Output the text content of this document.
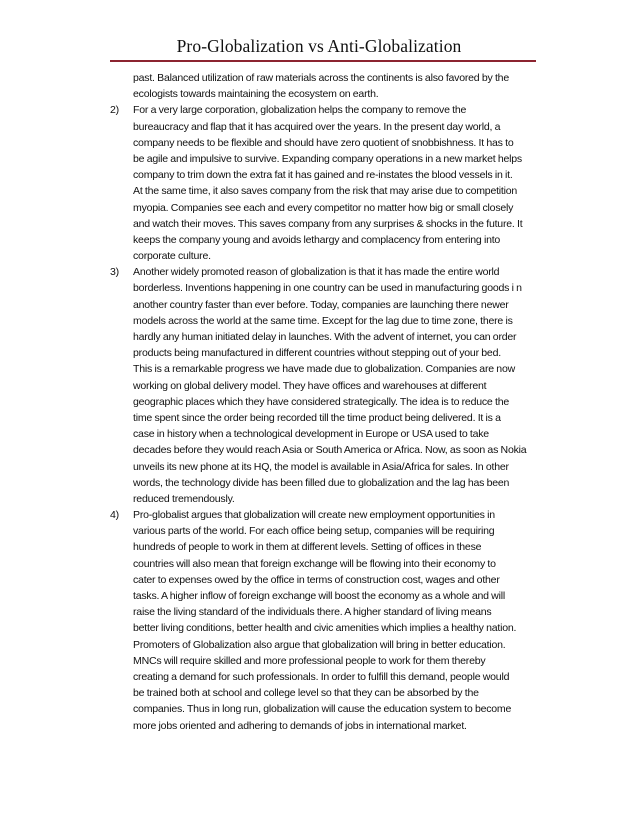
Pro-Globalization vs Anti-Globalization
past. Balanced utilization of raw materials across the continents is also favored by the
ecologists towards maintaining the ecosystem on earth.
2) For a very large corporation, globalization helps the company to remove the
bureaucracy and flap that it has acquired over the years. In the present day world, a
company needs to be flexible and should have zero quotient of snobbishness. It has to
be agile and impulsive to survive. Expanding company operations in a new market helps
company to trim down the extra fat it has gained and re-instates the blood vessels in it.
At the same time, it also saves company from the risk that may arise due to competition
myopia. Companies see each and every competitor no matter how big or small closely
and watch their moves. This saves company from any surprises & shocks in the future. It
keeps the company young and avoids lethargy and complacency from entering into
corporate culture.
3) Another widely promoted reason of globalization is that it has made the entire world
borderless. Inventions happening in one country can be used in manufacturing goods i n
another country faster than ever before. Today, companies are launching there newer
models across the world at the same time. Except for the lag due to time zone, there is
hardly any human initiated delay in launches. With the advent of internet, you can order
products being manufactured in different countries without stepping out of your bed.
This is a remarkable progress we have made due to globalization. Companies are now
working on global delivery model. They have offices and warehouses at different
geographic places which they have considered strategically. The idea is to reduce the
time spent since the order being recorded till the time product being delivered. It is a
case in history when a technological development in Europe or USA used to take
decades before they would reach Asia or South America or Africa. Now, as soon as Nokia
unveils its new phone at its HQ, the model is available in Asia/Africa for sales. In other
words, the technology divide has been filled due to globalization and the lag has been
reduced tremendously.
4) Pro-globalist argues that globalization will create new employment opportunities in
various parts of the world. For each office being setup, companies will be requiring
hundreds of people to work in them at different levels. Setting of offices in these
countries will also mean that foreign exchange will be flowing into their economy to
cater to expenses owed by the office in terms of construction cost, wages and other
tasks. A higher inflow of foreign exchange will boost the economy as a whole and will
raise the living standard of the individuals there. A higher standard of living means
better living conditions, better health and civic amenities which implies a healthy nation.
Promoters of Globalization also argue that globalization will bring in better education.
MNCs will require skilled and more professional people to work for them thereby
creating a demand for such professionals. In order to fulfill this demand, people would
be trained both at school and college level so that they can be absorbed by the
companies. Thus in long run, globalization will cause the education system to become
more jobs oriented and adhering to demands of jobs in international market.
